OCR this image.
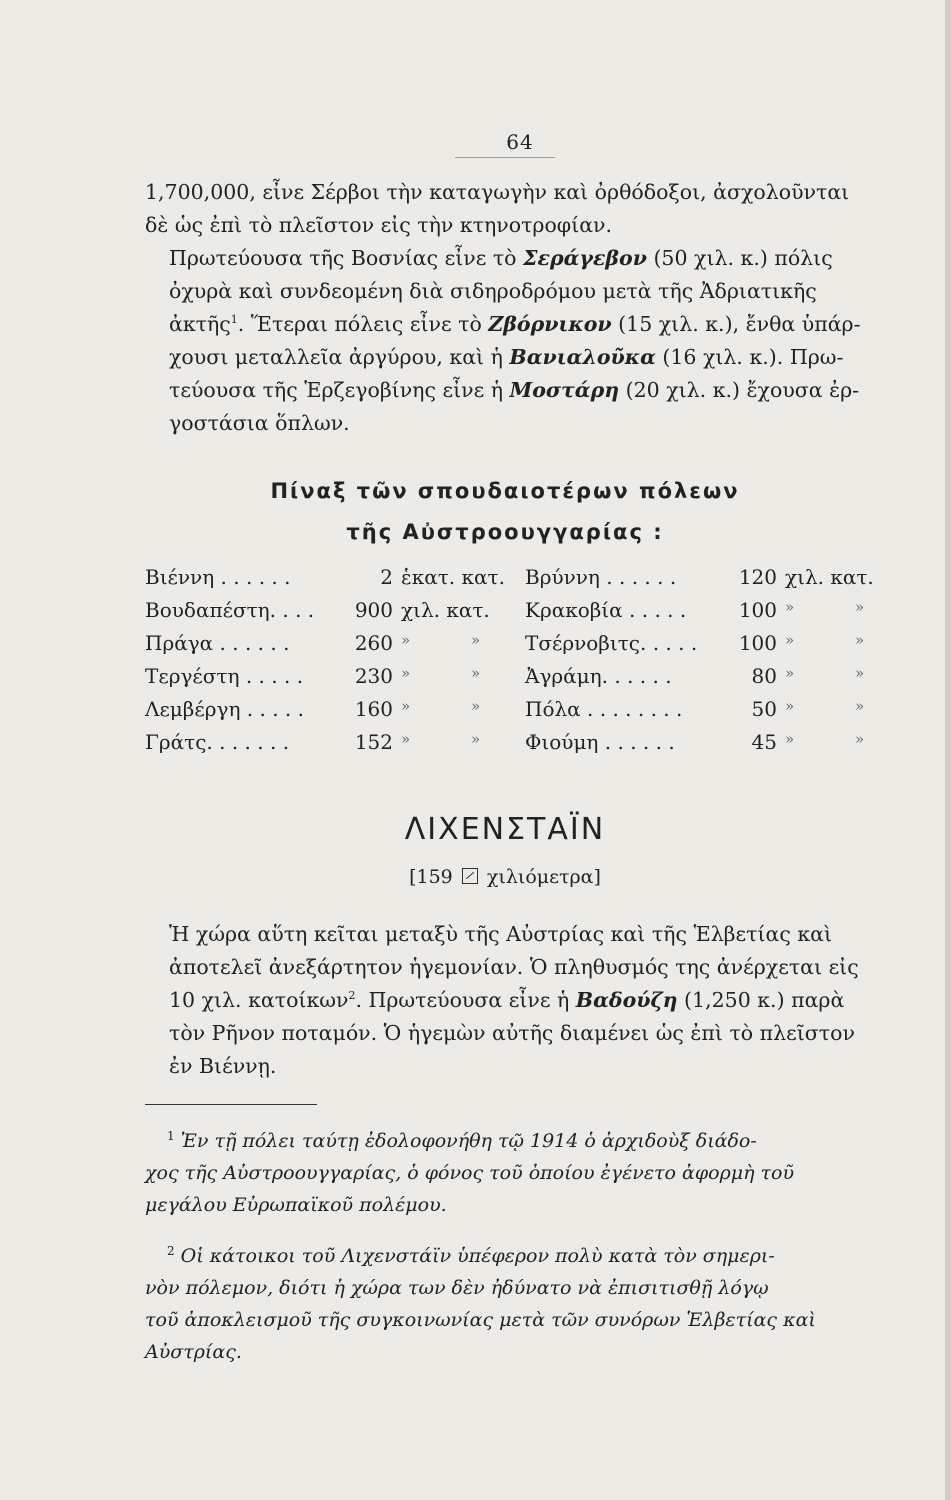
64
1,700,000, εἶνε Σέρβοι τὴν καταγωγὴν καὶ ὀρθόδοξοι, ἀσχολοῦνται
δὲ ὡς ἐπὶ τὸ πλεῖστον εἰς τὴν κτηνοτροφίαν.
Πρωτεύουσα τῆς Βοσνίας εἶνε τὸ Σεράγεβον (50 χιλ. κ.) πόλις
ὀχυρὰ καὶ συνδεομένη διὰ σιδηροδρόμου μετὰ τῆς Ἀδριατικῆς
ἀκτῆς$^1$. Ἕτεραι πόλεις εἶνε τὸ Ζβόρνικον (15 χιλ. κ.), ἔνθα ὑπάρ-
χουσι μεταλλεῖα ἀργύρου, καὶ ἡ Βανιαλοῦκα (16 χιλ. κ.). Πρω-
τεύουσα τῆς Ἑρζεγοβίνης εἶνε ἡ Μοστάρη (20 χιλ. κ.) ἔχουσα ἐρ-
γοστάσια ὅπλων.
Πίναξ τῶν σπουδαιοτέρων πόλεων
τῆς Αὐστροουγγαρίας :
Βιέννη . . . . . .	2 ἑκατ. κατ. Βρύννη . . . . . .	120 χιλ. κατ.
Βουδαπέστη. . . .	900 χιλ. κατ. Κρακοβία . . . . .	100 » »
Πράγα . . . . . .	260 » » Τσέρνοβιτς. . . . .	100 » »
Τεργέστη . . . . .	230 » » Ἀγράμη. . . . . .	80 » »
Λεμβέργη . . . . .	160 » » Πόλα . . . . . . . .	50 » »
Γράτς. . . . . . .	152 » » Φιούμη . . . . . .	45 » »
ΛΙΧΕΝΣΤΑΪΝ
[159 χιλιόμετρα]
Ἡ χώρα αὕτη κεῖται μεταξὺ τῆς Αὐστρίας καὶ τῆς Ἑλβετίας καὶ
ἀποτελεῖ ἀνεξάρτητον ἡγεμονίαν. Ὁ πληθυσμός της ἀνέρχεται εἰς
10 χιλ. κατοίκων$^2$. Πρωτεύουσα εἶνε ἡ Βαδούζη (1,250 κ.) παρὰ
τὸν Ρῆνον ποταμόν. Ὁ ἡγεμὼν αὐτῆς διαμένει ὡς ἐπὶ τὸ πλεῖστον
ἐν Βιέννῃ.
$^1$ Ἐν τῇ πόλει ταύτῃ ἐδολοφονήθη τῷ 1914 ὁ ἀρχιδοὺξ διάδο-
χος τῆς Αὐστροουγγαρίας, ὁ φόνος τοῦ ὁποίου ἐγένετο ἀφορμὴ τοῦ
μεγάλου Εὐρωπαϊκοῦ πολέμου.
$^2$ Οἱ κάτοικοι τοῦ Λιχενστάϊν ὑπέφερον πολὺ κατὰ τὸν σημερι-
νὸν πόλεμον, διότι ἡ χώρα των δὲν ἠδύνατο νὰ ἐπισιτισθῇ λόγῳ
τοῦ ἀποκλεισμοῦ τῆς συγκοινωνίας μετὰ τῶν συνόρων Ἑλβετίας καὶ
Αὐστρίας.
